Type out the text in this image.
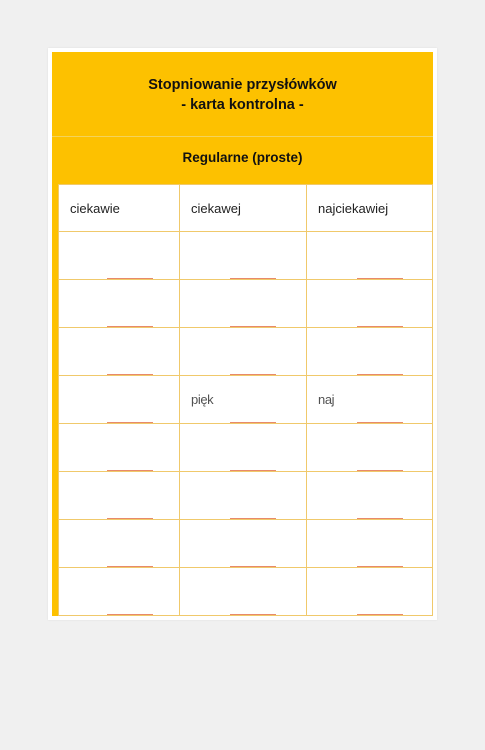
Stopniowanie przysłówków
- karta kontrolna -
Regularne (proste)
ciekawie	ciekawej	najciekawiej

	pięk	naj
